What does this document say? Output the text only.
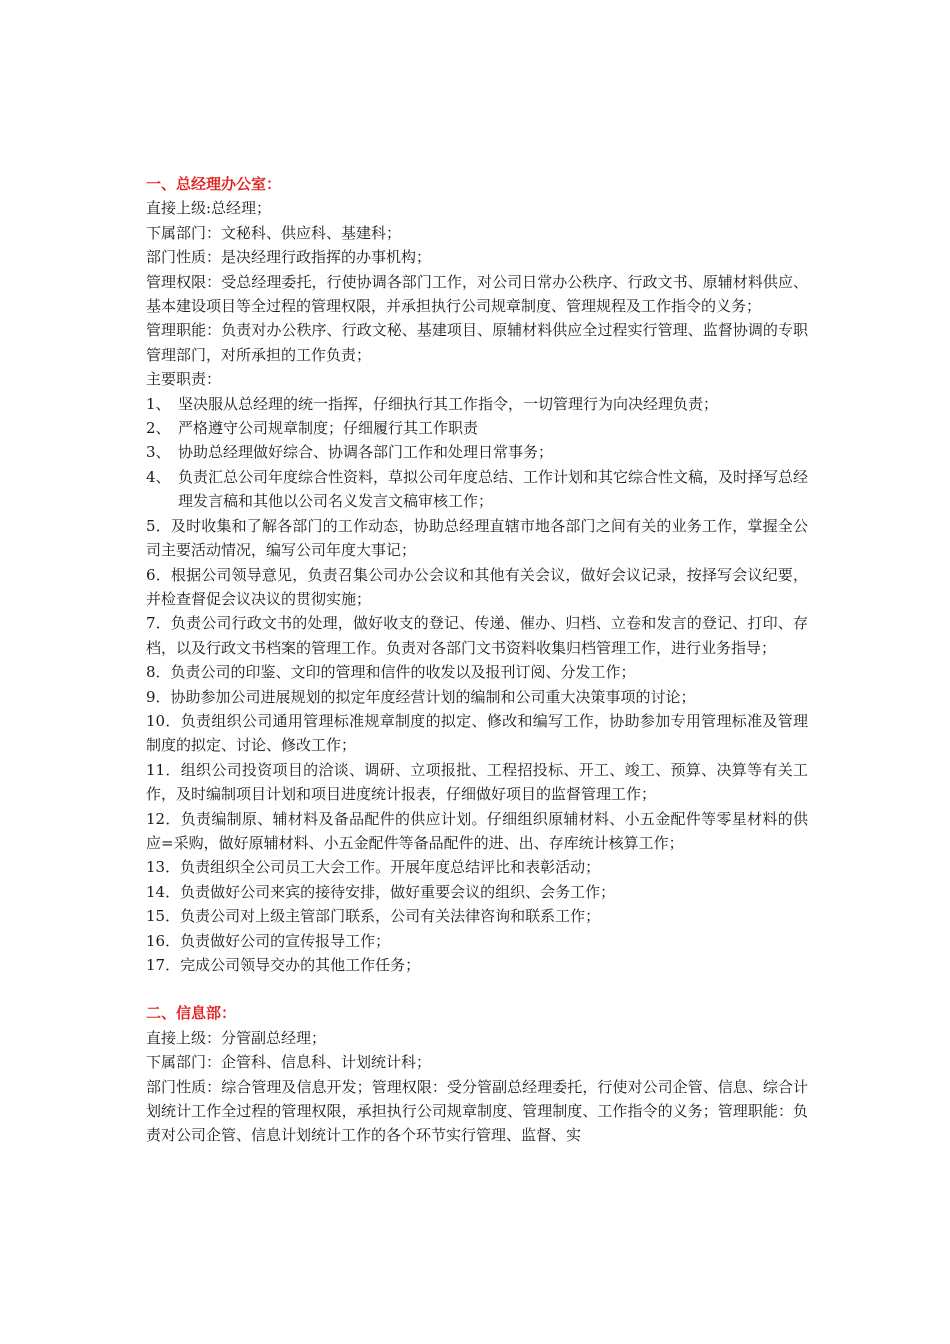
一、总经理办公室：

直接上级:总经理；

下属部门：文秘科、供应科、基建科；

部门性质：是决经理行政指挥的办事机构；

管理权限：受总经理委托，行使协调各部门工作，对公司日常办公秩序、行政文书、原辅材料供应、基本建设项目等全过程的管理权限，并承担执行公司规章制度、管理规程及工作指令的义务；

管理职能：负责对办公秩序、行政文秘、基建项目、原辅材料供应全过程实行管理、监督协调的专职管理部门，对所承担的工作负责；

主要职责：

1、 坚决服从总经理的统一指挥，仔细执行其工作指令，一切管理行为向决经理负责；
2、 严格遵守公司规章制度；仔细履行其工作职责
3、 协助总经理做好综合、协调各部门工作和处理日常事务；
4、 负责汇总公司年度综合性资料，草拟公司年度总结、工作计划和其它综合性文稿，及时择写总经理发言稿和其他以公司名义发言文稿审核工作；

5．及时收集和了解各部门的工作动态，协助总经理直辖市地各部门之间有关的业务工作，掌握全公司主要活动情况，编写公司年度大事记；

6．根据公司领导意见，负责召集公司办公会议和其他有关会议，做好会议记录，按择写会议纪要，并检查督促会议决议的贯彻实施；

7．负责公司行政文书的处理，做好收支的登记、传递、催办、归档、立卷和发言的登记、打印、存档，以及行政文书档案的管理工作。负责对各部门文书资料收集归档管理工作，进行业务指导；

8．负责公司的印鉴、文印的管理和信件的收发以及报刊订阅、分发工作；

9．协助参加公司进展规划的拟定年度经营计划的编制和公司重大决策事项的讨论；

10．负责组织公司通用管理标准规章制度的拟定、修改和编写工作，协助参加专用管理标准及管理制度的拟定、讨论、修改工作；

11．组织公司投资项目的洽谈、调研、立项报批、工程招投标、开工、竣工、预算、决算等有关工作，及时编制项目计划和项目进度统计报表，仔细做好项目的监督管理工作；

12．负责编制原、辅材料及备品配件的供应计划。仔细组织原辅材料、小五金配件等零星材料的供应=采购，做好原辅材料、小五金配件等备品配件的进、出、存库统计核算工作；

13．负责组织全公司员工大会工作。开展年度总结评比和表彰活动；

14．负责做好公司来宾的接待安排，做好重要会议的组织、会务工作；

15．负责公司对上级主管部门联系，公司有关法律咨询和联系工作；

16．负责做好公司的宣传报导工作；

17．完成公司领导交办的其他工作任务；

二、信息部：

直接上级：分管副总经理；

下属部门：企管科、信息科、计划统计科；

部门性质：综合管理及信息开发；管理权限：受分管副总经理委托，行使对公司企管、信息、综合计划统计工作全过程的管理权限，承担执行公司规章制度、管理制度、工作指令的义务；管理职能：负责对公司企管、信息计划统计工作的各个环节实行管理、监督、实
